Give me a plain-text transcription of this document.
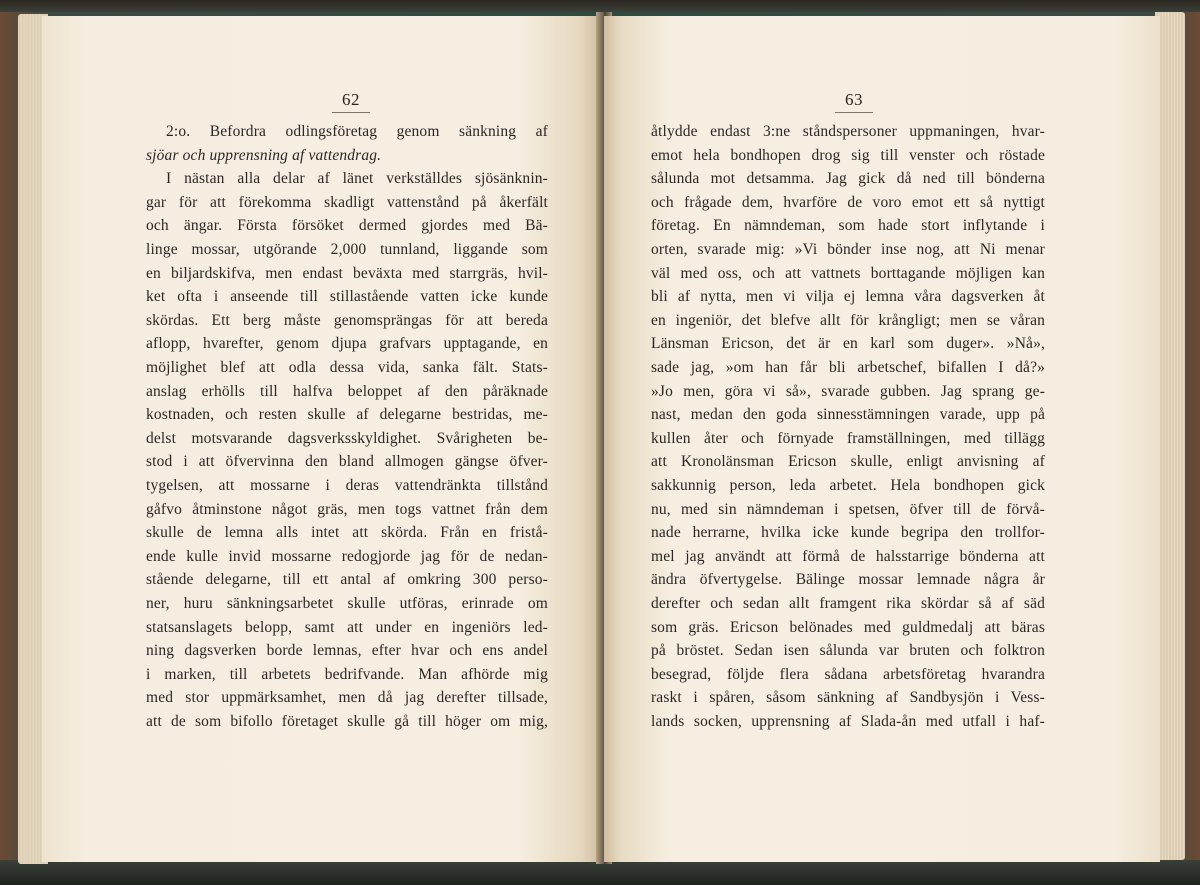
62
2:o. Befordra odlingsföretag genom sänkning af
sjöar och upprensning af vattendrag.
I nästan alla delar af länet verkställdes sjösänknin-
gar för att förekomma skadligt vattenstånd på åkerfält
och ängar. Första försöket dermed gjordes med Bä-
linge mossar, utgörande 2,000 tunnland, liggande som
en biljardskifva, men endast beväxta med starrgräs, hvil-
ket ofta i anseende till stillastående vatten icke kunde
skördas. Ett berg måste genomsprängas för att bereda
aflopp, hvarefter, genom djupa grafvars upptagande, en
möjlighet blef att odla dessa vida, sanka fält. Stats-
anslag erhölls till halfva beloppet af den påräknade
kostnaden, och resten skulle af delegarne bestridas, me-
delst motsvarande dagsverksskyldighet. Svårigheten be-
stod i att öfvervinna den bland allmogen gängse öfver-
tygelsen, att mossarne i deras vattendränkta tillstånd
gåfvo åtminstone något gräs, men togs vattnet från dem
skulle de lemna alls intet att skörda. Från en fristå-
ende kulle invid mossarne redogjorde jag för de nedan-
stående delegarne, till ett antal af omkring 300 perso-
ner, huru sänkningsarbetet skulle utföras, erinrade om
statsanslagets belopp, samt att under en ingeniörs led-
ning dagsverken borde lemnas, efter hvar och ens andel
i marken, till arbetets bedrifvande. Man afhörde mig
med stor uppmärksamhet, men då jag derefter tillsade,
att de som bifollo företaget skulle gå till höger om mig,
63
åtlydde endast 3:ne ståndspersoner uppmaningen, hvar-
emot hela bondhopen drog sig till venster och röstade
sålunda mot detsamma. Jag gick då ned till bönderna
och frågade dem, hvarföre de voro emot ett så nyttigt
företag. En nämndeman, som hade stort inflytande i
orten, svarade mig: »Vi bönder inse nog, att Ni menar
väl med oss, och att vattnets borttagande möjligen kan
bli af nytta, men vi vilja ej lemna våra dagsverken åt
en ingeniör, det blefve allt för krångligt; men se våran
Länsman Ericson, det är en karl som duger». »Nå»,
sade jag, »om han får bli arbetschef, bifallen I då?»
»Jo men, göra vi så», svarade gubben. Jag sprang ge-
nast, medan den goda sinnesstämningen varade, upp på
kullen åter och förnyade framställningen, med tillägg
att Kronolänsman Ericson skulle, enligt anvisning af
sakkunnig person, leda arbetet. Hela bondhopen gick
nu, med sin nämndeman i spetsen, öfver till de förvå-
nade herrarne, hvilka icke kunde begripa den trollfor-
mel jag användt att förmå de halsstarrige bönderna att
ändra öfvertygelse. Bälinge mossar lemnade några år
derefter och sedan allt framgent rika skördar så af säd
som gräs. Ericson belönades med guldmedalj att bäras
på bröstet. Sedan isen sålunda var bruten och folktron
besegrad, följde flera sådana arbetsföretag hvarandra
raskt i spåren, såsom sänkning af Sandbysjön i Vess-
lands socken, upprensning af Slada-ån med utfall i haf-
